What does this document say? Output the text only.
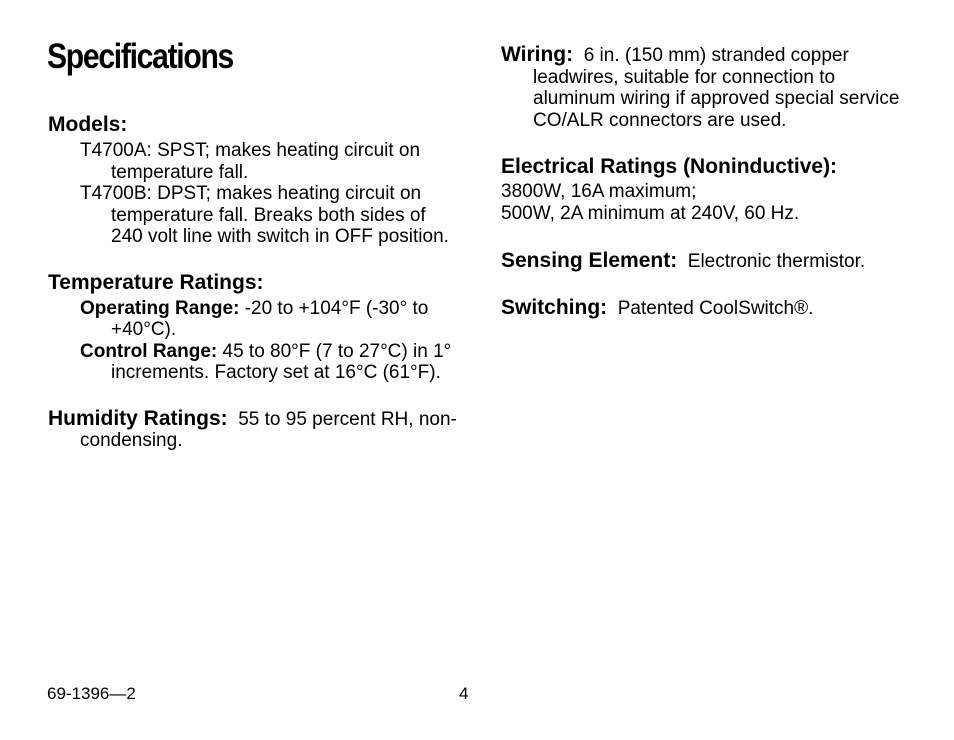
Specifications
Models:
T4700A: SPST; makes heating circuit on temperature fall.
T4700B: DPST; makes heating circuit on temperature fall. Breaks both sides of 240 volt line with switch in OFF position.
Temperature Ratings:
Operating Range: -20 to +104°F (-30° to +40°C).
Control Range: 45 to 80°F (7 to 27°C) in 1° increments. Factory set at 16°C (61°F).
Humidity Ratings: 55 to 95 percent RH, non-condensing.
Wiring: 6 in. (150 mm) stranded copper leadwires, suitable for connection to aluminum wiring if approved special service CO/ALR connectors are used.
Electrical Ratings (Noninductive):
3800W, 16A maximum;
500W, 2A minimum at 240V, 60 Hz.
Sensing Element: Electronic thermistor.
Switching: Patented CoolSwitch®.
69-1396—2	4
